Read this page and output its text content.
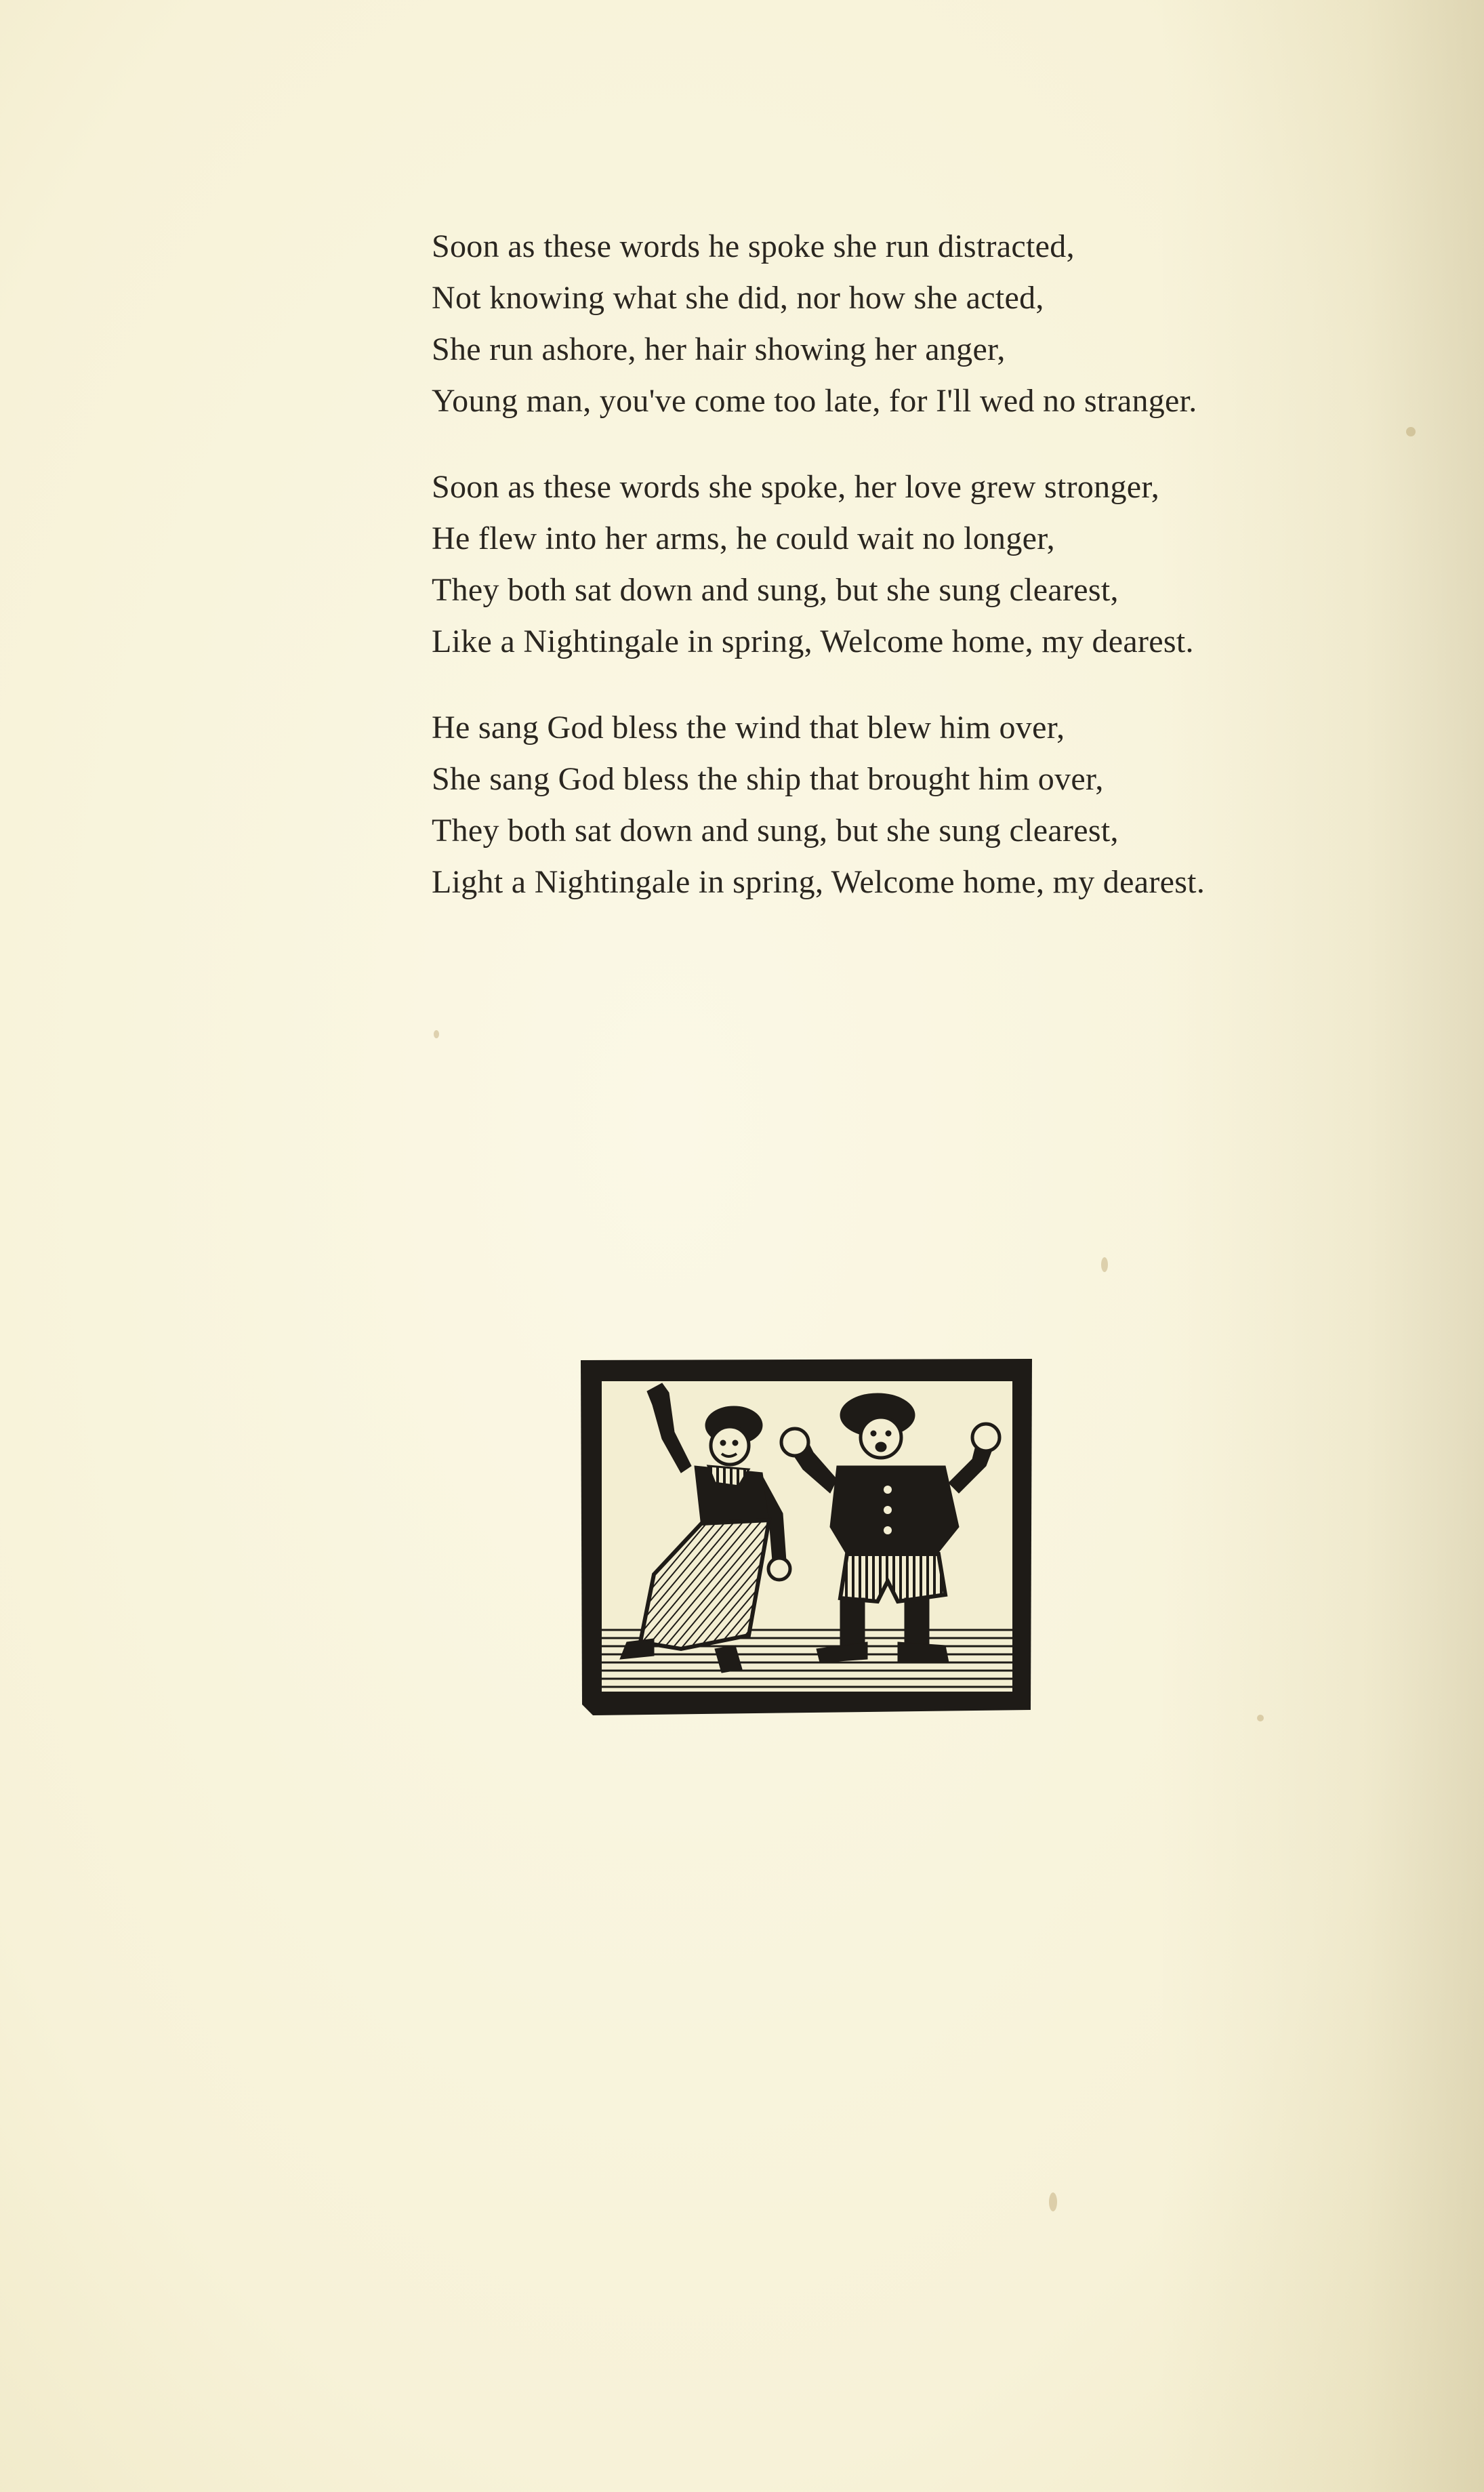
Soon as these words he spoke she run distracted,
Not knowing what she did, nor how she acted,
She run ashore, her hair showing her anger,
Young man, you've come too late, for I'll wed no stranger.
Soon as these words she spoke, her love grew stronger,
He flew into her arms, he could wait no longer,
They both sat down and sung, but she sung clearest,
Like a Nightingale in spring, Welcome home, my dearest.
He sang God bless the wind that blew him over,
She sang God bless the ship that brought him over,
They both sat down and sung, but she sung clearest,
Light a Nightingale in spring, Welcome home, my dearest.
